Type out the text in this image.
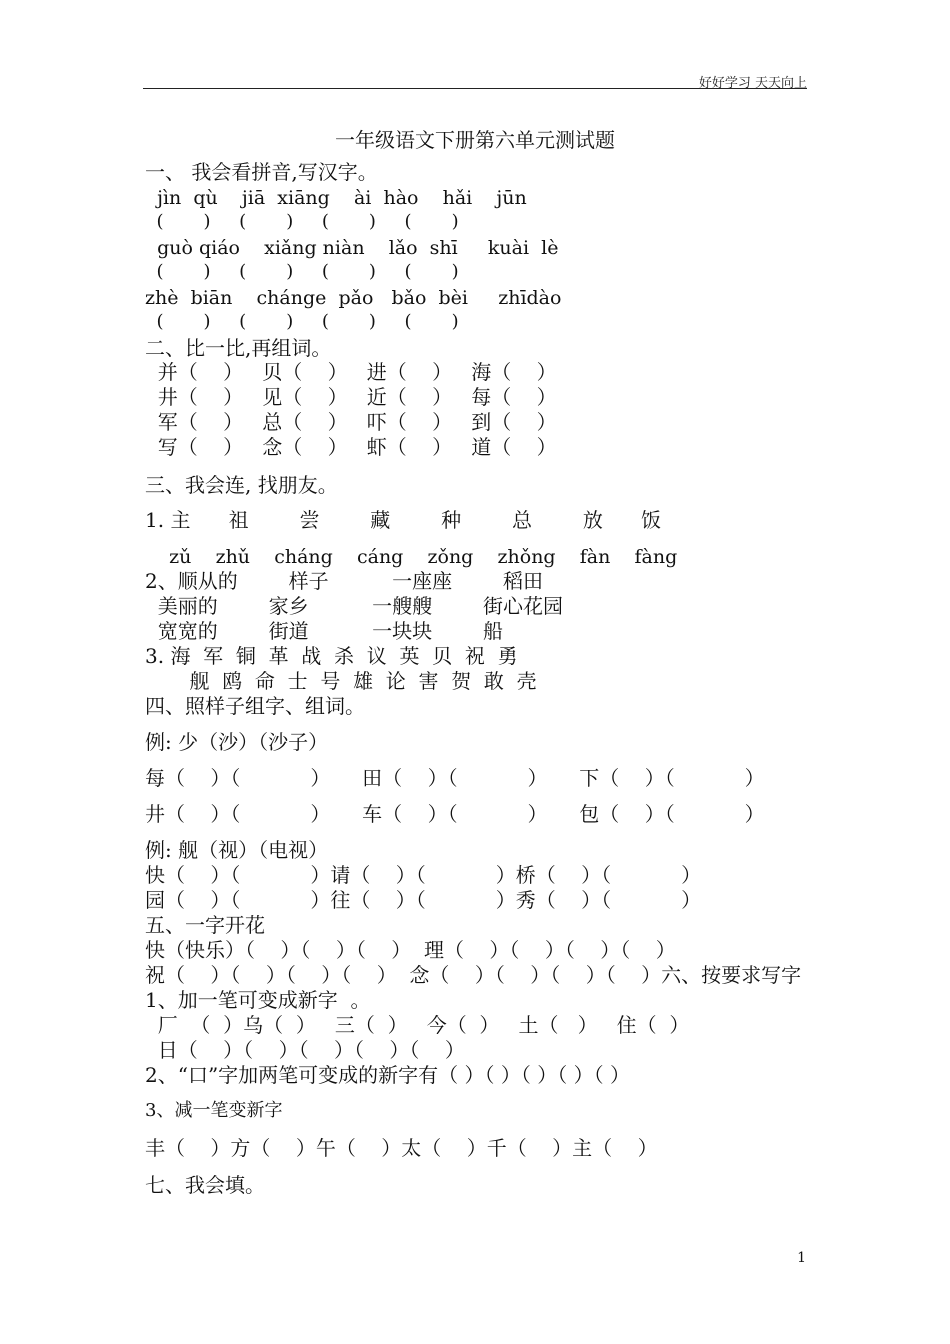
好好学习 天天向上
一年级语文下册第六单元测试题
一、 我会看拼音,写汉字。
jìn  qù    jiā  xiāng    ài  hào    hǎi    jūn
(       )     (       )     (       )     (       )
guò qiáo    xiǎng niàn    lǎo  shī     kuài  lè
(       )     (       )     (       )     (       )
zhè  biān    chánge  pǎo   bǎo  bèi     zhīdào
(       )     (       )     (       )     (       )
二、比一比,再组词。
并（    ）   贝（    ）   进（    ）   海（    ）
井（    ）   见（    ）   近（    ）   每（    ）
军（    ）   总（    ）   吓（    ）   到（    ）
写（    ）   念（    ）   虾（    ）   道（    ）
三、我会连, 找朋友。
1. 主      祖        尝        藏        种        总        放      饭
zǔ    zhǔ    cháng    cáng    zǒng    zhǒng    fàn    fàng
2、顺从的        样子          一座座        稻田
美丽的        家乡          一艘艘        街心花园
宽宽的        街道          一块块        船
3. 海  军  铜  革  战  杀  议  英  贝  祝  勇
舰  鸥  命  士  号  雄  论  害  贺  敢  壳
四、照样子组字、组词。
例: 少（沙）（沙子）
每（    ）（           ）     田（    ）（           ）     下（    ）（           ）
井（    ）（           ）     车（    ）（           ）     包（    ）（           ）
例: 舰（视）（电视）
快（    ）（           ）请（    ）（           ）桥（    ）（           ）
园（    ）（           ）往（    ）（           ）秀（    ）（           ）
五、一字开花
快（快乐）（    ）（    ）（    ）  理（    ）（    ）（    ）（    ）
祝（    ）（    ）（    ）（    ）  念（    ）（    ）（    ）（    ）六、按要求写字
1、加一笔可变成新字  。
厂  （  ）乌（  ）   三（  ）   今（  ）   土（   ）   住（  ）
日（    ）（    ）（    ）（    ）（    ）
2、“口”字加两笔可变成的新字有（ ）（ ）（ ）（ ）（ ）
3、减一笔变新字
丰（    ）方（    ）午（    ）太（    ）千（    ）主（    ）
七、我会填。
1
